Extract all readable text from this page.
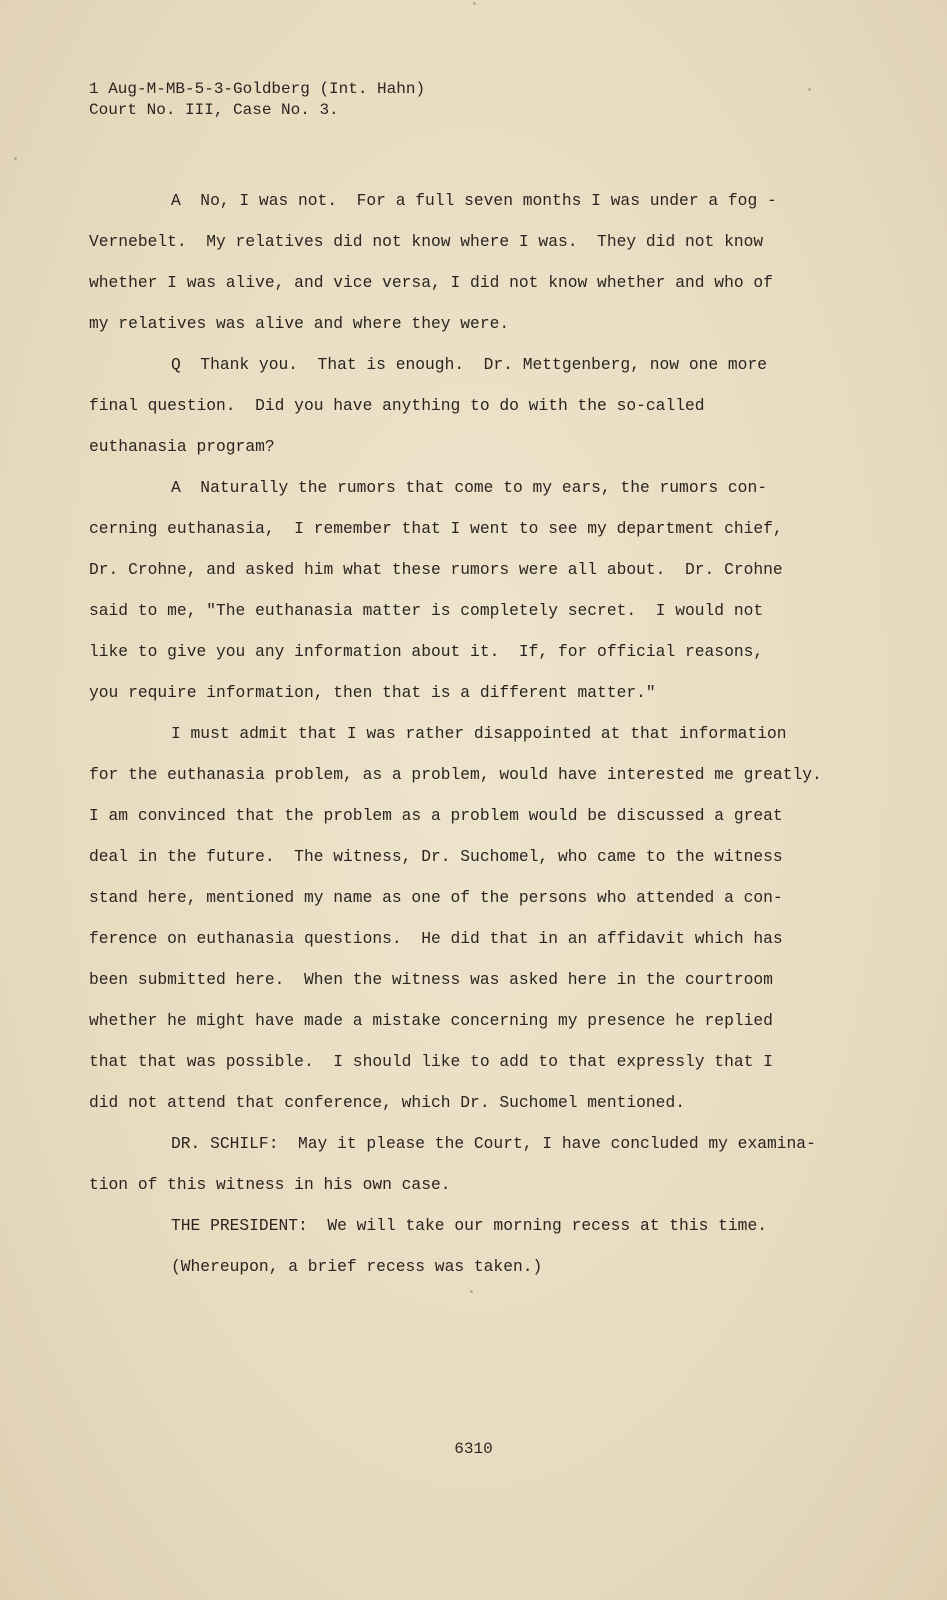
1 Aug-M-MB-5-3-Goldberg (Int. Hahn)
Court No. III, Case No. 3.
A  No, I was not.  For a full seven months I was under a fog -
Vernebelt.  My relatives did not know where I was.  They did not know
whether I was alive, and vice versa, I did not know whether and who of
my relatives was alive and where they were.
Q  Thank you.  That is enough.  Dr. Mettgenberg, now one more
final question.  Did you have anything to do with the so-called
euthanasia program?
A  Naturally the rumors that come to my ears, the rumors con-
cerning euthanasia,  I remember that I went to see my department chief,
Dr. Crohne, and asked him what these rumors were all about.  Dr. Crohne
said to me, "The euthanasia matter is completely secret.  I would not
like to give you any information about it.  If, for official reasons,
you require information, then that is a different matter."
I must admit that I was rather disappointed at that information
for the euthanasia problem, as a problem, would have interested me greatly.
I am convinced that the problem as a problem would be discussed a great
deal in the future.  The witness, Dr. Suchomel, who came to the witness
stand here, mentioned my name as one of the persons who attended a con-
ference on euthanasia questions.  He did that in an affidavit which has
been submitted here.  When the witness was asked here in the courtroom
whether he might have made a mistake concerning my presence he replied
that that was possible.  I should like to add to that expressly that I
did not attend that conference, which Dr. Suchomel mentioned.
DR. SCHILF:  May it please the Court, I have concluded my examina-
tion of this witness in his own case.
THE PRESIDENT:  We will take our morning recess at this time.
(Whereupon, a brief recess was taken.)
6310
